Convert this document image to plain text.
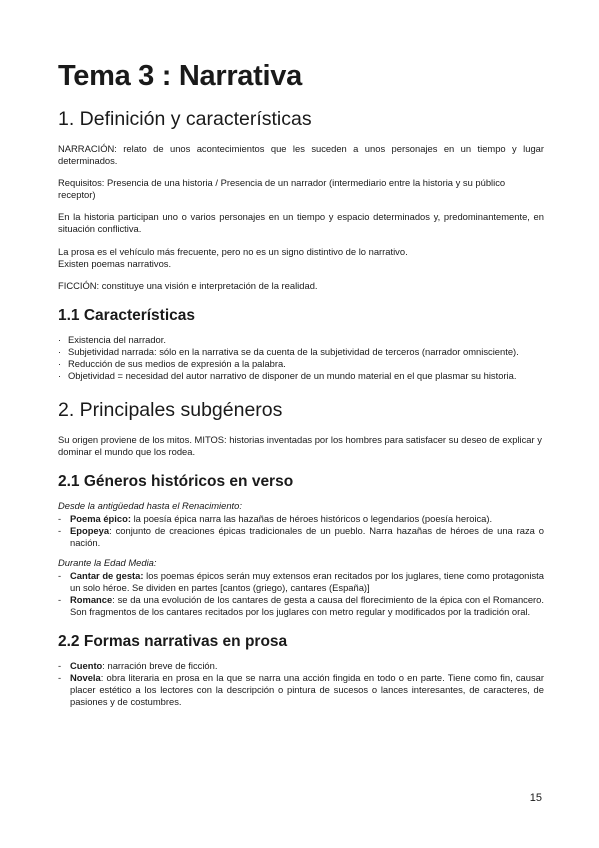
Tema 3 : Narrativa
1. Definición y características

NARRACIÓN: relato de unos acontecimientos que les suceden a unos personajes en un tiempo y lugar determinados.

Requisitos: Presencia de una historia / Presencia de un narrador (intermediario entre la historia y su público receptor)

En la historia participan uno o varios personajes en un tiempo y espacio determinados y, predominantemente, en situación conflictiva.

La prosa es el vehículo más frecuente, pero no es un signo distintivo de lo narrativo.

Existen poemas narrativos.

FICCIÓN: constituye una visión e interpretación de la realidad.

1.1 Características
· Existencia del narrador.
· Subjetividad narrada: sólo en la narrativa se da cuenta de la subjetividad de terceros (narrador omnisciente).
· Reducción de sus medios de expresión a la palabra.
· Objetividad = necesidad del autor narrativo de disponer de un mundo material en el que plasmar su historia.
2. Principales subgéneros

Su origen proviene de los mitos. MITOS: historias inventadas por los hombres para satisfacer su deseo de explicar y dominar el mundo que los rodea.

2.1 Géneros históricos en verso

Desde la antigüedad hasta el Renacimiento:

- Poema épico: la poesía épica narra las hazañas de héroes históricos o legendarios (poesía heroica).
- Epopeya: conjunto de creaciones épicas tradicionales de un pueblo. Narra hazañas de héroes de una raza o nación.

Durante la Edad Media:

- Cantar de gesta: los poemas épicos serán muy extensos eran recitados por los juglares, tiene como protagonista un solo héroe. Se dividen en partes [cantos (griego), cantares (España)]
- Romance: se da una evolución de los cantares de gesta a causa del florecimiento de la épica con el Romancero. Son fragmentos de los cantares recitados por los juglares con metro regular y modificados por la tradición oral.
2.2 Formas narrativas en prosa
- Cuento: narración breve de ficción.
- Novela: obra literaria en prosa en la que se narra una acción fingida en todo o en parte. Tiene como fin, causar placer estético a los lectores con la descripción o pintura de sucesos o lances interesantes, de caracteres, de pasiones y de costumbres.
15
